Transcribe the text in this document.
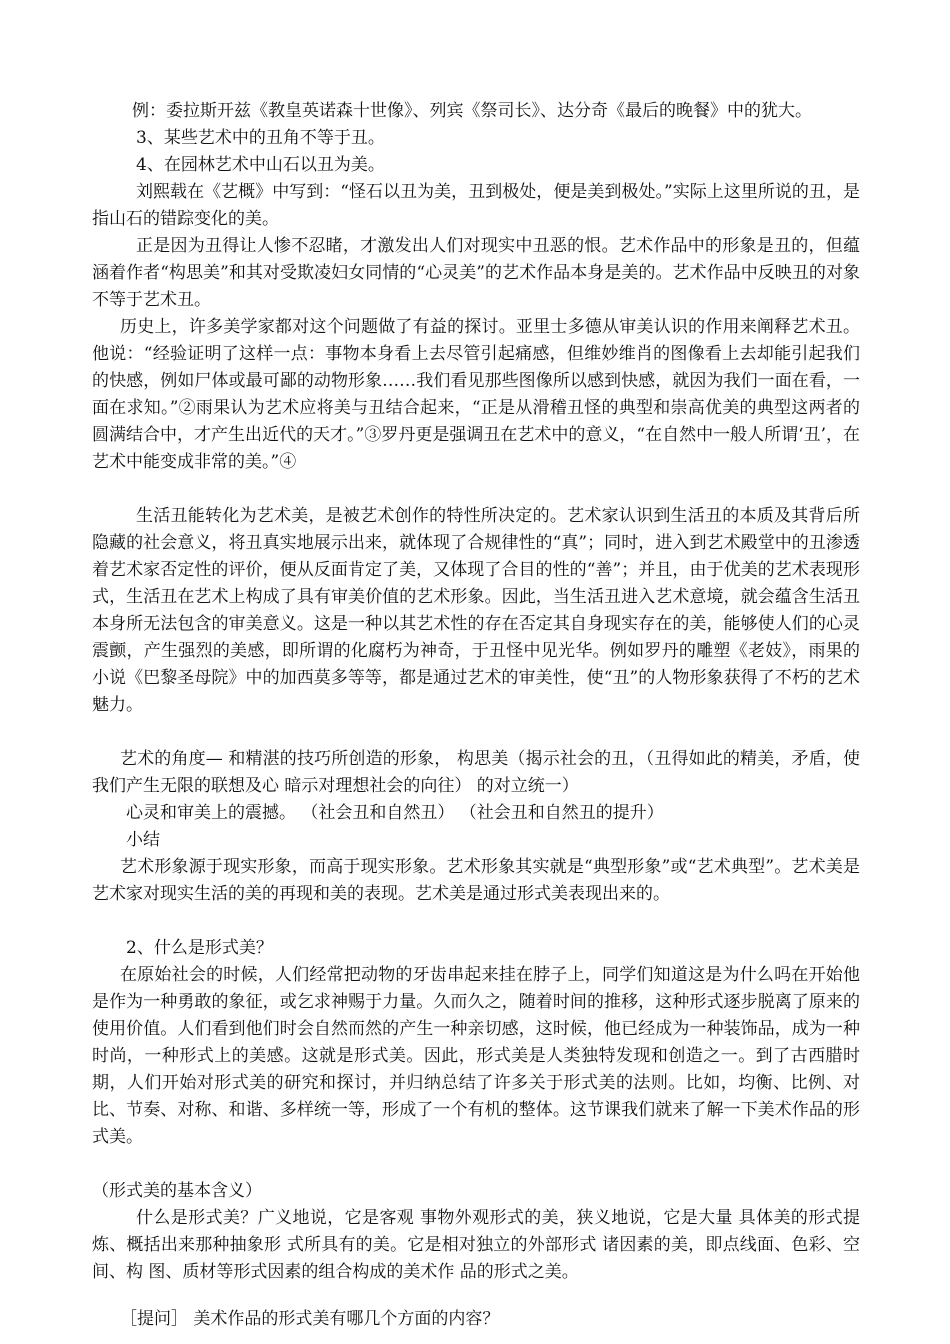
例：委拉斯开兹《教皇英诺森十世像》、列宾《祭司长》、达分奇《最后的晚餐》中的犹大。

3、某些艺术中的丑角不等于丑。

4、在园林艺术中山石以丑为美。

刘熙载在《艺概》中写到：“怪石以丑为美，丑到极处，便是美到极处。”实际上这里所说的丑，是指山石的错踪变化的美。

正是因为丑得让人惨不忍睹，才激发出人们对现实中丑恶的恨。艺术作品中的形象是丑的，但蕴涵着作者“构思美”和其对受欺凌妇女同情的“心灵美”的艺术作品本身是美的。艺术作品中反映丑的对象不等于艺术丑。

历史上，许多美学家都对这个问题做了有益的探讨。亚里士多德从审美认识的作用来阐释艺术丑。他说：“经验证明了这样一点：事物本身看上去尽管引起痛感，但维妙维肖的图像看上去却能引起我们的快感，例如尸体或最可鄙的动物形象……我们看见那些图像所以感到快感，就因为我们一面在看，一面在求知。”②雨果认为艺术应将美与丑结合起来，“正是从滑稽丑怪的典型和崇高优美的典型这两者的圆满结合中，才产生出近代的天才。”③罗丹更是强调丑在艺术中的意义，“在自然中一般人所谓‘丑’，在艺术中能变成非常的美。”④

生活丑能转化为艺术美，是被艺术创作的特性所决定的。艺术家认识到生活丑的本质及其背后所隐藏的社会意义，将丑真实地展示出来，就体现了合规律性的“真”；同时，进入到艺术殿堂中的丑渗透着艺术家否定性的评价，便从反面肯定了美，又体现了合目的性的“善”；并且，由于优美的艺术表现形式，生活丑在艺术上构成了具有审美价值的艺术形象。因此，当生活丑进入艺术意境，就会蕴含生活丑本身所无法包含的审美意义。这是一种以其艺术性的存在否定其自身现实存在的美，能够使人们的心灵震颤，产生强烈的美感，即所谓的化腐朽为神奇，于丑怪中见光华。例如罗丹的雕塑《老妓》，雨果的小说《巴黎圣母院》中的加西莫多等等，都是通过艺术的审美性，使“丑”的人物形象获得了不朽的艺术魅力。

艺术的角度— 和精湛的技巧所创造的形象， 构思美（揭示社会的丑，（丑得如此的精美，矛盾，使我们产生无限的联想及心 暗示对理想社会的向往） 的对立统一）

心灵和审美上的震撼。 （社会丑和自然丑） （社会丑和自然丑的提升）

小结

艺术形象源于现实形象，而高于现实形象。艺术形象其实就是“典型形象”或“艺术典型”。艺术美是艺术家对现实生活的美的再现和美的表现。艺术美是通过形式美表现出来的。

2、什么是形式美？

在原始社会的时候，人们经常把动物的牙齿串起来挂在脖子上，同学们知道这是为什么吗在开始他是作为一种勇敢的象征，或乞求神赐于力量。久而久之，随着时间的推移，这种形式逐步脱离了原来的使用价值。人们看到他们时会自然而然的产生一种亲切感，这时候，他已经成为一种装饰品，成为一种时尚，一种形式上的美感。这就是形式美。因此，形式美是人类独特发现和创造之一。到了古西腊时期，人们开始对形式美的研究和探讨，并归纳总结了许多关于形式美的法则。比如，均衡、比例、对比、节奏、对称、和谐、多样统一等，形成了一个有机的整体。这节课我们就来了解一下美术作品的形式美。

（形式美的基本含义）

什么是形式美？广义地说，它是客观 事物外观形式的美，狭义地说，它是大量 具体美的形式提炼、概括出来那种抽象形 式所具有的美。它是相对独立的外部形式 诸因素的美，即点线面、色彩、空间、构 图、质材等形式因素的组合构成的美术作 品的形式之美。

［提问］ 美术作品的形式美有哪几个方面的内容？
